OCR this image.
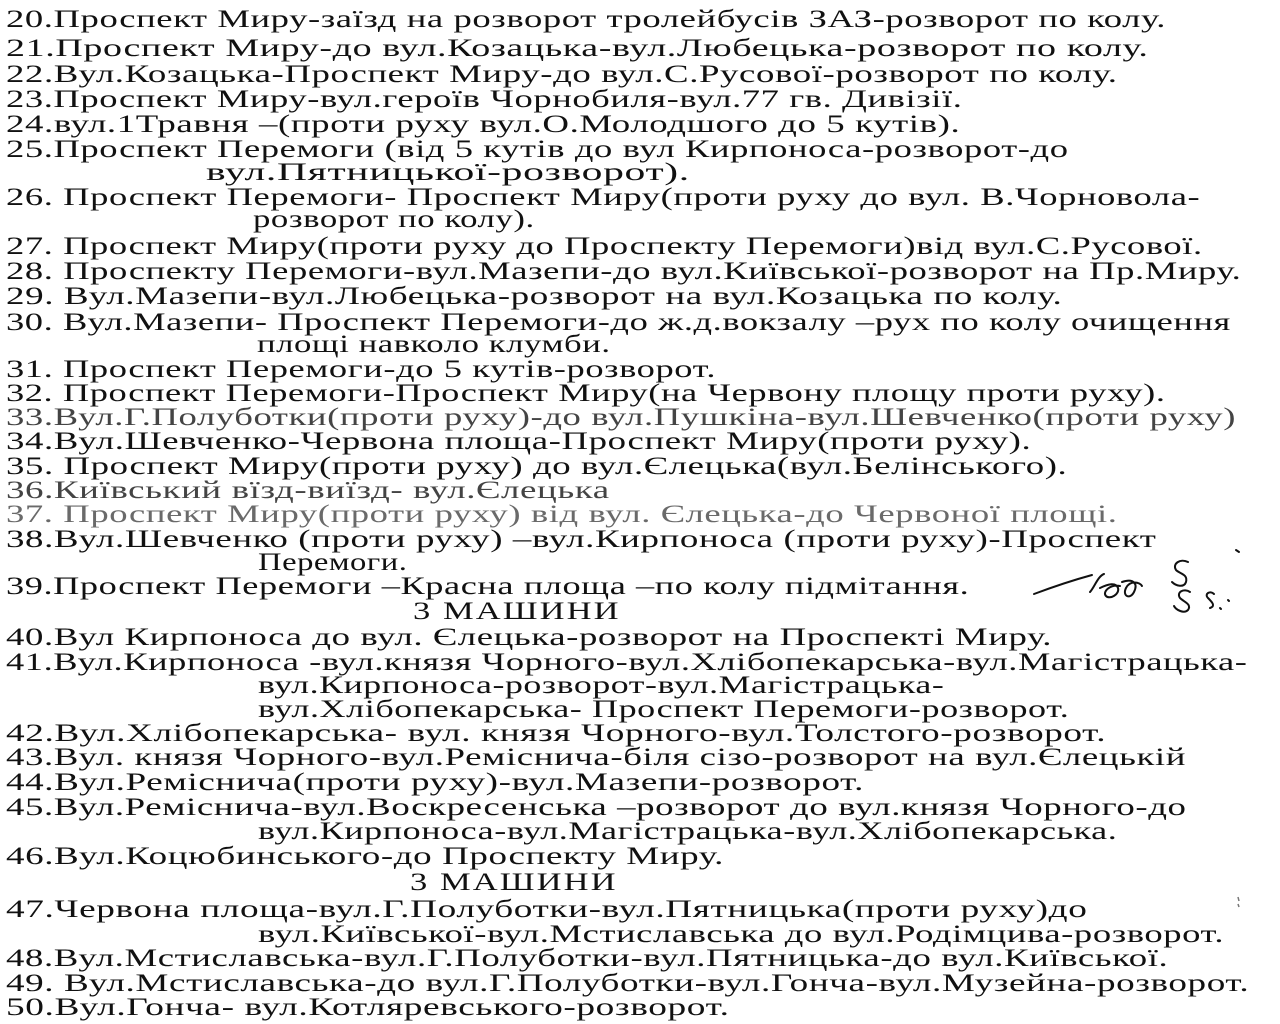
20.Проспект Миру-заїзд на розворот тролейбусів ЗАЗ-розворот по колу.
21.Проспект Миру-до вул.Козацька-вул.Любецька-розворот по колу.
22.Вул.Козацька-Проспект Миру-до вул.С.Русової-розворот по колу.
23.Проспект Миру-вул.героїв Чорнобиля-вул.77 гв. Дивізії.
24.вул.1Травня –(проти руху вул.О.Молодшого до 5 кутів).
25.Проспект Перемоги (від 5 кутів до вул Кирпоноса-розворот-до
вул.Пятницької-розворот).
26. Проспект Перемоги- Проспект Миру(проти руху до вул. В.Чорновола-
розворот по колу).
27. Проспект Миру(проти руху до Проспекту Перемоги)від вул.С.Русової.
28. Проспекту Перемоги-вул.Мазепи-до вул.Київської-розворот на Пр.Миру.
29. Вул.Мазепи-вул.Любецька-розворот на вул.Козацька по колу.
30. Вул.Мазепи- Проспект Перемоги-до ж.д.вокзалу –рух по колу очищення
площі навколо клумби.
31. Проспект Перемоги-до 5 кутів-розворот.
32. Проспект Перемоги-Проспект Миру(на Червону площу проти руху).
33.Вул.Г.Полуботки(проти руху)-до вул.Пушкіна-вул.Шевченко(проти руху)
34.Вул.Шевченко-Червона площа-Проспект Миру(проти руху).
35. Проспект Миру(проти руху) до вул.Єлецька(вул.Белінського).
36.Київський вїзд-виїзд- вул.Єлецька
37. Проспект Миру(проти руху) від вул. Єлецька-до Червоної площі.
38.Вул.Шевченко (проти руху) –вул.Кирпоноса (проти руху)-Проспект
Перемоги.
39.Проспект Перемоги –Красна площа –по колу підмітання.
3 МАШИНИ
40.Вул Кирпоноса до вул. Єлецька-розворот на Проспекті Миру.
41.Вул.Кирпоноса -вул.князя Чорного-вул.Хлібопекарська-вул.Магістрацька-
вул.Кирпоноса-розворот-вул.Магістрацька-
вул.Хлібопекарська- Проспект Перемоги-розворот.
42.Вул.Хлібопекарська- вул. князя Чорного-вул.Толстого-розворот.
43.Вул. князя Чорного-вул.Реміснича-біля сізо-розворот на вул.Єлецькій
44.Вул.Реміснича(проти руху)-вул.Мазепи-розворот.
45.Вул.Реміснича-вул.Воскресенська –розворот до вул.князя Чорного-до
вул.Кирпоноса-вул.Магістрацька-вул.Хлібопекарська.
46.Вул.Коцюбинського-до Проспекту Миру.
3 МАШИНИ
47.Червона площа-вул.Г.Полуботки-вул.Пятницька(проти руху)до
вул.Київської-вул.Мстиславська до вул.Родімцива-розворот.
48.Вул.Мстиславська-вул.Г.Полуботки-вул.Пятницька-до вул.Київської.
49. Вул.Мстиславська-до вул.Г.Полуботки-вул.Гонча-вул.Музейна-розворот.
50.Вул.Гонча- вул.Котляревського-розворот.
